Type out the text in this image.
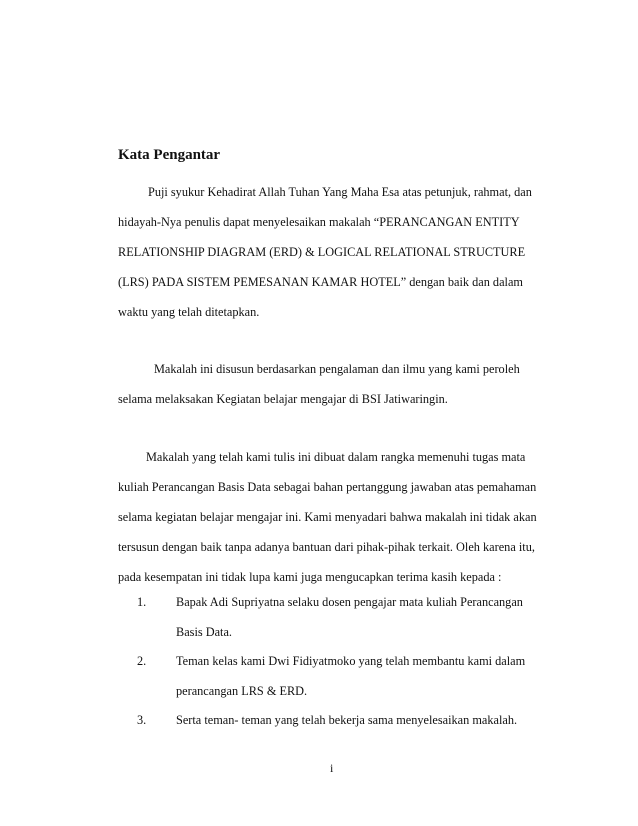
Kata Pengantar
Puji syukur Kehadirat Allah Tuhan Yang Maha Esa atas petunjuk, rahmat, dan
hidayah-Nya penulis dapat menyelesaikan makalah “PERANCANGAN ENTITY
RELATIONSHIP DIAGRAM (ERD) & LOGICAL RELATIONAL STRUCTURE
(LRS) PADA SISTEM PEMESANAN KAMAR HOTEL” dengan baik dan dalam
waktu yang telah ditetapkan.
Makalah ini disusun berdasarkan pengalaman dan ilmu yang kami peroleh
selama melaksakan Kegiatan belajar mengajar di BSI Jatiwaringin.
Makalah yang telah kami tulis ini dibuat dalam rangka memenuhi tugas mata
kuliah Perancangan Basis Data sebagai bahan pertanggung jawaban atas pemahaman
selama kegiatan belajar mengajar ini. Kami menyadari bahwa makalah ini tidak akan
tersusun dengan baik tanpa adanya bantuan dari pihak-pihak terkait. Oleh karena itu,
pada kesempatan ini tidak lupa kami juga mengucapkan terima kasih kepada :
1. Bapak Adi Supriyatna selaku dosen pengajar mata kuliah Perancangan
Basis Data.
2. Teman kelas kami Dwi Fidiyatmoko yang telah membantu kami dalam
perancangan LRS & ERD.
3. Serta teman- teman yang telah bekerja sama menyelesaikan makalah.
i
